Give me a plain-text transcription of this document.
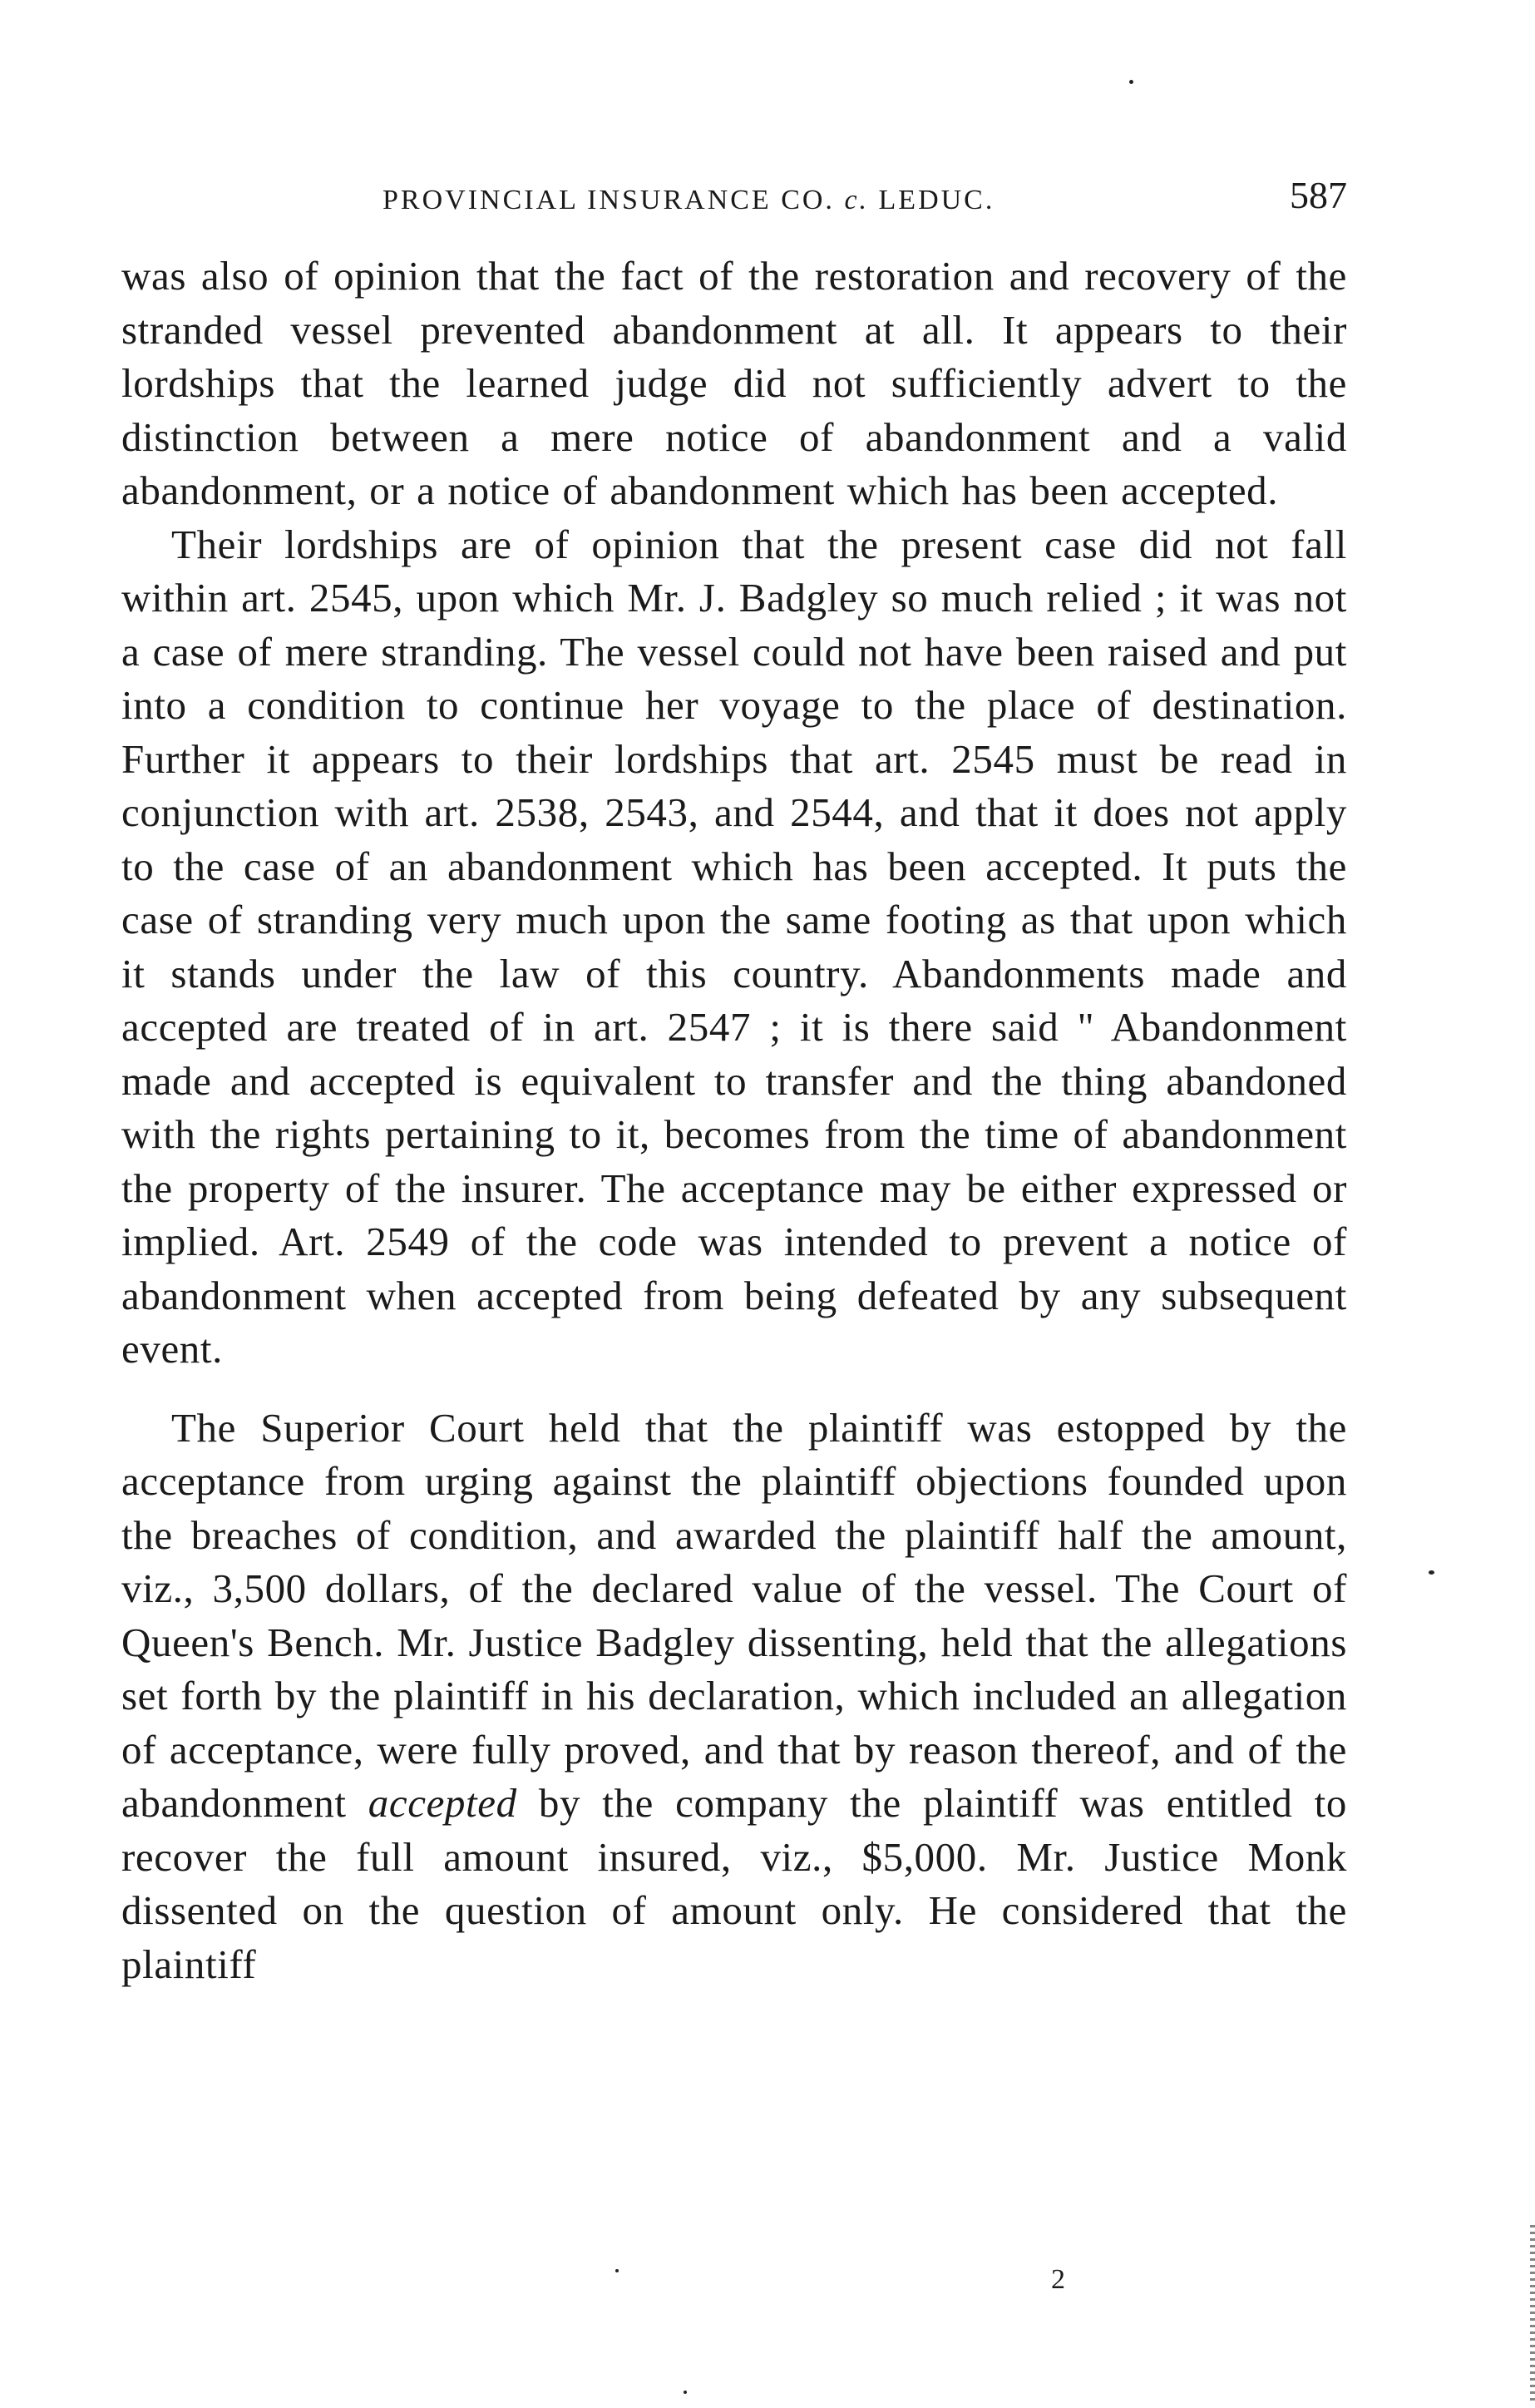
PROVINCIAL INSURANCE CO. c. LEDUC.	587

was also of opinion that the fact of the restoration and recovery of the stranded vessel prevented abandonment at all. It appears to their lordships that the learned judge did not sufficiently advert to the distinction between a mere notice of abandonment and a valid abandonment, or a notice of abandonment which has been accepted.

Their lordships are of opinion that the present case did not fall within art. 2545, upon which Mr. J. Badgley so much relied ; it was not a case of mere stranding. The vessel could not have been raised and put into a condition to continue her voyage to the place of destination. Further it appears to their lordships that art. 2545 must be read in conjunction with art. 2538, 2543, and 2544, and that it does not apply to the case of an abandonment which has been accepted. It puts the case of stranding very much upon the same footing as that upon which it stands under the law of this country. Abandonments made and accepted are treated of in art. 2547 ; it is there said " Abandonment made and accepted is equivalent to transfer and the thing abandoned with the rights pertaining to it, becomes from the time of abandonment the property of the insurer. The acceptance may be either expressed or implied. Art. 2549 of the code was intended to prevent a notice of abandonment when accepted from being defeated by any subsequent event.

The Superior Court held that the plaintiff was estopped by the acceptance from urging against the plaintiff objections founded upon the breaches of condition, and awarded the plaintiff half the amount, viz., 3,500 dollars, of the declared value of the vessel. The Court of Queen's Bench. Mr. Justice Badgley dissenting, held that the allegations set forth by the plaintiff in his declaration, which included an allegation of acceptance, were fully proved, and that by reason thereof, and of the abandonment accepted by the company the plaintiff was entitled to recover the full amount insured, viz., $5,000. Mr. Justice Monk dissented on the question of amount only. He considered that the plaintiff

2
